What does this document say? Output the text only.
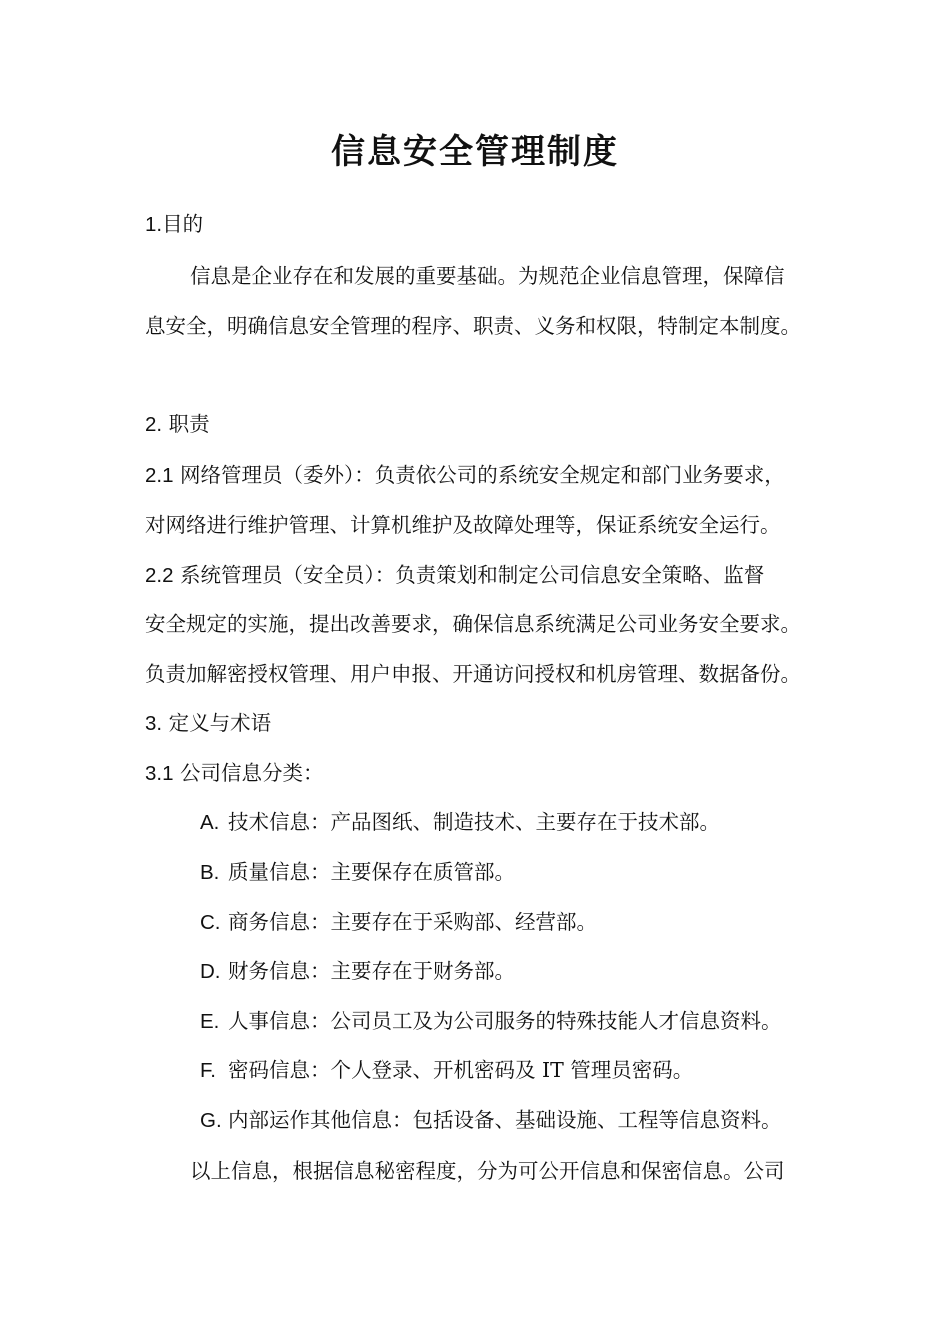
信息安全管理制度
1.目的
信息是企业存在和发展的重要基础。为规范企业信息管理，保障信
息安全，明确信息安全管理的程序、职责、义务和权限，特制定本制度。
2. 职责
2.1 网络管理员（委外）：负责依公司的系统安全规定和部门业务要求，
对网络进行维护管理、计算机维护及故障处理等，保证系统安全运行。
2.2 系统管理员（安全员）：负责策划和制定公司信息安全策略、监督
安全规定的实施，提出改善要求，确保信息系统满足公司业务安全要求。
负责加解密授权管理、用户申报、开通访问授权和机房管理、数据备份。
3. 定义与术语
3.1 公司信息分类：
A. 技术信息：产品图纸、制造技术、主要存在于技术部。
B. 质量信息：主要保存在质管部。
C. 商务信息：主要存在于采购部、经营部。
D. 财务信息：主要存在于财务部。
E. 人事信息：公司员工及为公司服务的特殊技能人才信息资料。
F. 密码信息：个人登录、开机密码及 IT 管理员密码。
G. 内部运作其他信息：包括设备、基础设施、工程等信息资料。
以上信息，根据信息秘密程度，分为可公开信息和保密信息。公司
